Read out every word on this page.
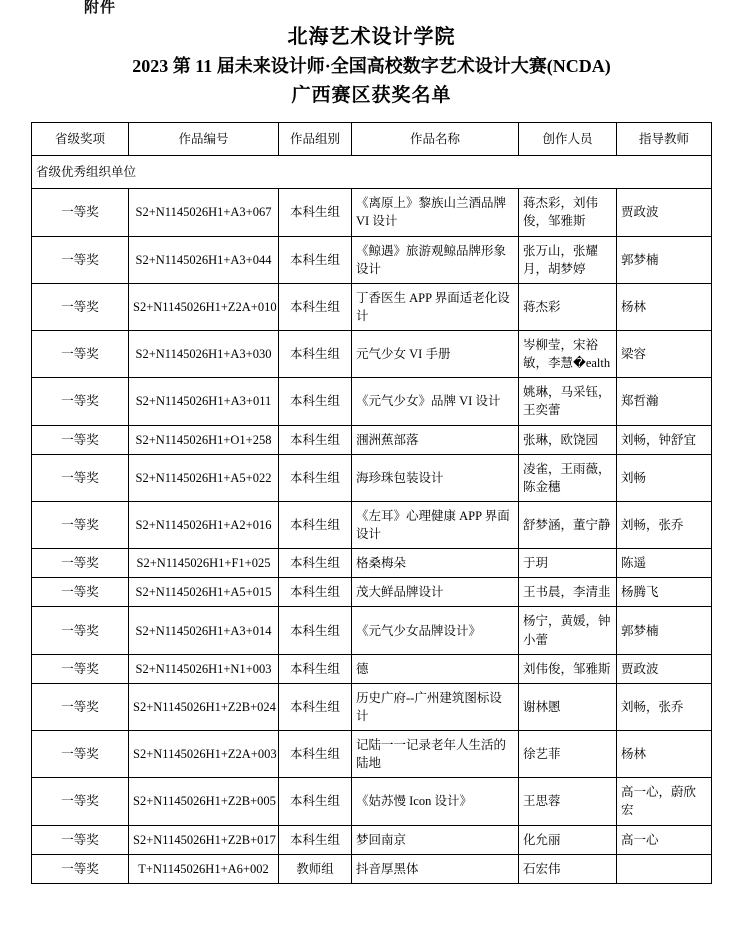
附件
北海艺术设计学院
2023 第 11 届未来设计师·全国高校数字艺术设计大赛(NCDA)
广西赛区获奖名单
省级奖项	作品编号	作品组别	作品名称	创作人员	指导教师
省级优秀组织单位					
一等奖	S2+N1145026H1+A3+067	本科生组	《离原上》黎族山兰酒品牌 VI 设计	蒋杰彩，刘伟俊，邹雅斯	贾政波
一等奖	S2+N1145026H1+A3+044	本科生组	《鲸遇》旅游观鲸品牌形象设计	张万山，张耀月，胡梦婷	郭梦楠
一等奖	S2+N1145026H1+Z2A+010	本科生组	丁香医生 APP 界面适老化设计	蒋杰彩	杨林
一等奖	S2+N1145026H1+A3+030	本科生组	元气少女 VI 手册	岑柳莹，宋裕敏，李慧�ealth	梁容
一等奖	S2+N1145026H1+A3+011	本科生组	《元气少女》品牌 VI 设计	姚琳，马采钰，王奕蕾	郑哲瀚
一等奖	S2+N1145026H1+O1+258	本科生组	涠洲蕉部落	张琳，欧饶园	刘畅，钟舒宜
一等奖	S2+N1145026H1+A5+022	本科生组	海珍珠包装设计	凌雀，王雨薇，陈金穗	刘畅
一等奖	S2+N1145026H1+A2+016	本科生组	《左耳》心理健康 APP 界面设计	舒梦涵，董宁静	刘畅，张乔
一等奖	S2+N1145026H1+F1+025	本科生组	格桑梅朵	于玥	陈遥
一等奖	S2+N1145026H1+A5+015	本科生组	茂大鲜品牌设计	王书晨，李清韭	杨腾飞
一等奖	S2+N1145026H1+A3+014	本科生组	《元气少女品牌设计》	杨宁，黄媛，钟小蕾	郭梦楠
一等奖	S2+N1145026H1+N1+003	本科生组	德	刘伟俊，邹雅斯	贾政波
一等奖	S2+N1145026H1+Z2B+024	本科生组	历史广府--广州建筑图标设计	谢林慁	刘畅，张乔
一等奖	S2+N1145026H1+Z2A+003	本科生组	记陆一一记录老年人生活的陆地	徐艺菲	杨林
一等奖	S2+N1145026H1+Z2B+005	本科生组	《姑苏慢 Icon 设计》	王思蓉	高一心，蔚欣宏
一等奖	S2+N1145026H1+Z2B+017	本科生组	梦回南京	化允丽	高一心
一等奖	T+N1145026H1+A6+002	教师组	抖音厚黑体	石宏伟	
